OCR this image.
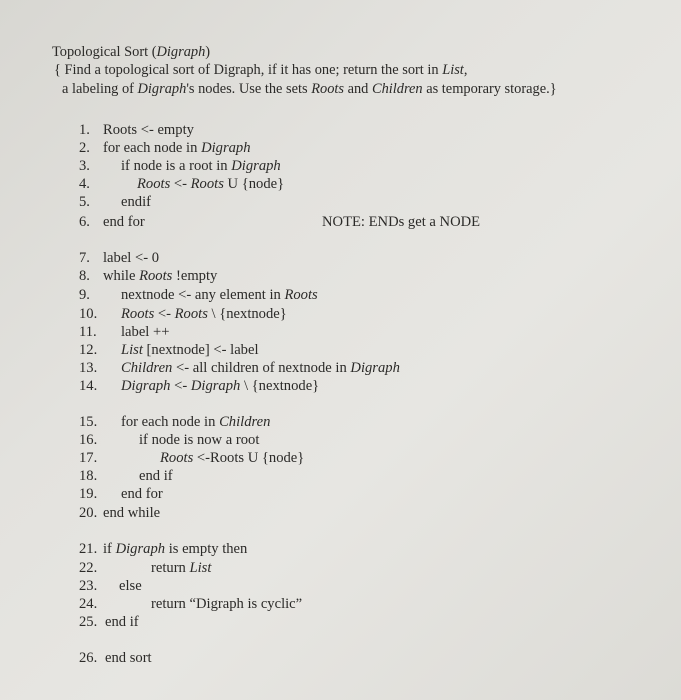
Topological Sort (Digraph)
{ Find a topological sort of Digraph, if it has one; return the sort in List,
a labeling of Digraph's nodes. Use the sets Roots and Children as temporary storage.}
NOTE: ENDs get a NODE
1. Roots <- empty
2. for each node in Digraph
3. if node is a root in Digraph
4.	Roots <- Roots U {node}
5. endif
6. end for
7. label <- 0
8. while Roots !empty
9. nextnode <- any element in Roots
10. Roots <- Roots \ {nextnode}
11. label ++
12. List [nextnode] <- label
13. Children <- all children of nextnode in Digraph
14. Digraph <- Digraph \ {nextnode}
15. for each node in Children
16.	if node is now a root
17.	Roots <-Roots U {node}
18.	end if
19. end for
20. end while
21. if Digraph is empty then
22.	return List
23. else
24.	return “Digraph is cyclic”
25. end if
26. end sort
